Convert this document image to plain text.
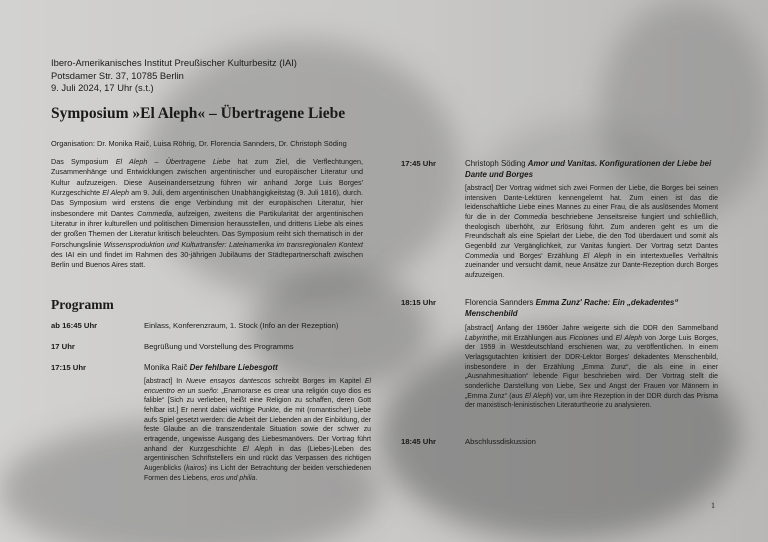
Ibero-Amerikanisches Institut Preußischer Kulturbesitz (IAI)
Potsdamer Str. 37, 10785 Berlin
9. Juli 2024, 17 Uhr (s.t.)
Symposium »El Aleph« – Übertragene Liebe
Organisation: Dr. Monika Raič, Luisa Röhrig, Dr. Florencia Sannders, Dr. Christoph Söding
Das Symposium El Aleph – Übertragene Liebe hat zum Ziel, die Verflechtungen, Zusammenhänge und Entwicklungen zwischen argentinischer und europäischer Literatur und Kultur aufzuzeigen. Diese Auseinandersetzung führen wir anhand Jorge Luis Borges' Kurzgeschichte El Aleph am 9. Juli, dem argentinischen Unabhängigkeitstag (9. Juli 1816), durch. Das Symposium wird erstens die enge Verbindung mit der europäischen Literatur, hier insbesondere mit Dantes Commedia, aufzeigen, zweitens die Partikularität der argentinischen Literatur in ihrer kulturellen und politischen Dimension herausstellen, und drittens Liebe als eines der großen Themen der Literatur kritisch beleuchten. Das Symposium reiht sich thematisch in der Forschungslinie Wissensproduktion und Kulturtransfer: Lateinamerika im transregionalen Kontext des IAI ein und findet im Rahmen des 30-jährigen Jubiläums der Städtepartnerschaft zwischen Berlin und Buenos Aires statt.
Programm
ab 16:45 Uhr	Einlass, Konferenzraum, 1. Stock (Info an der Rezeption)
17 Uhr	Begrüßung und Vorstellung des Programms
17:15 Uhr	Monika Raič Der fehlbare Liebesgott
[abstract] In Nueve ensayos dantescos schreibt Borges im Kapitel El encuentro en un sueño: „Enamorarse es crear una religión cuyo dios es falible“ [Sich zu verlieben, heißt eine Religion zu schaffen, deren Gott fehlbar ist.] Er nennt dabei wichtige Punkte, die mit (romantischer) Liebe aufs Spiel gesetzt werden: die Arbeit der Liebenden an der Einbildung, der feste Glaube an die transzendentale Situation sowie der schwer zu ertragende, ungewisse Ausgang des Liebesmanövers. Der Vortrag führt anhand der Kurzgeschichte El Aleph in das (Liebes-)Leben des argentinischen Schriftstellers ein und rückt das Verpassen des richtigen Augenblicks (kairos) ins Licht der Betrachtung der beiden verschiedenen Formen des Liebens, eros und philia.
17:45 Uhr	Christoph Söding Amor und Vanitas. Konfigurationen der Liebe bei Dante und Borges
[abstract] Der Vortrag widmet sich zwei Formen der Liebe, die Borges bei seinen intensiven Dante-Lektüren kennengelernt hat. Zum einen ist das die leidenschaftliche Liebe eines Mannes zu einer Frau, die als auslösendes Moment für die in der Commedia beschriebene Jenseitsreise fungiert und schließlich, theologisch überhöht, zur Erlösung führt. Zum anderen geht es um die Freundschaft als eine Spielart der Liebe, die den Tod überdauert und somit als Gegenbild zur Vergänglichkeit, zur Vanitas fungiert. Der Vortrag setzt Dantes Commedia und Borges' Erzählung El Aleph in ein intertextuelles Verhältnis zueinander und versucht damit, neue Ansätze zur Dante-Rezeption durch Borges aufzuzeigen.
18:15 Uhr	Florencia Sannders Emma Zunz' Rache: Ein „dekadentes“ Menschenbild
[abstract] Anfang der 1960er Jahre weigerte sich die DDR den Sammelband Labyrinthe, mit Erzählungen aus Ficciones und El Aleph von Jorge Luis Borges, der 1959 in Westdeutschland erschienen war, zu veröffentlichen. In einem Verlagsgutachten kritisiert der DDR-Lektor Borges' dekadentes Menschenbild, insbesondere in der Erzählung „Emma Zunz“, die als eine in einer „Ausnahmesituation“ lebende Figur beschrieben wird. Der Vortrag stellt die sonderliche Darstellung von Liebe, Sex und Angst der Frauen vor Männern in „Emma Zunz“ (aus El Aleph) vor, um ihre Rezeption in der DDR durch das Prisma der marxistisch-leninistischen Literaturtheorie zu analysieren.
18:45 Uhr	Abschlussdiskussion
1
